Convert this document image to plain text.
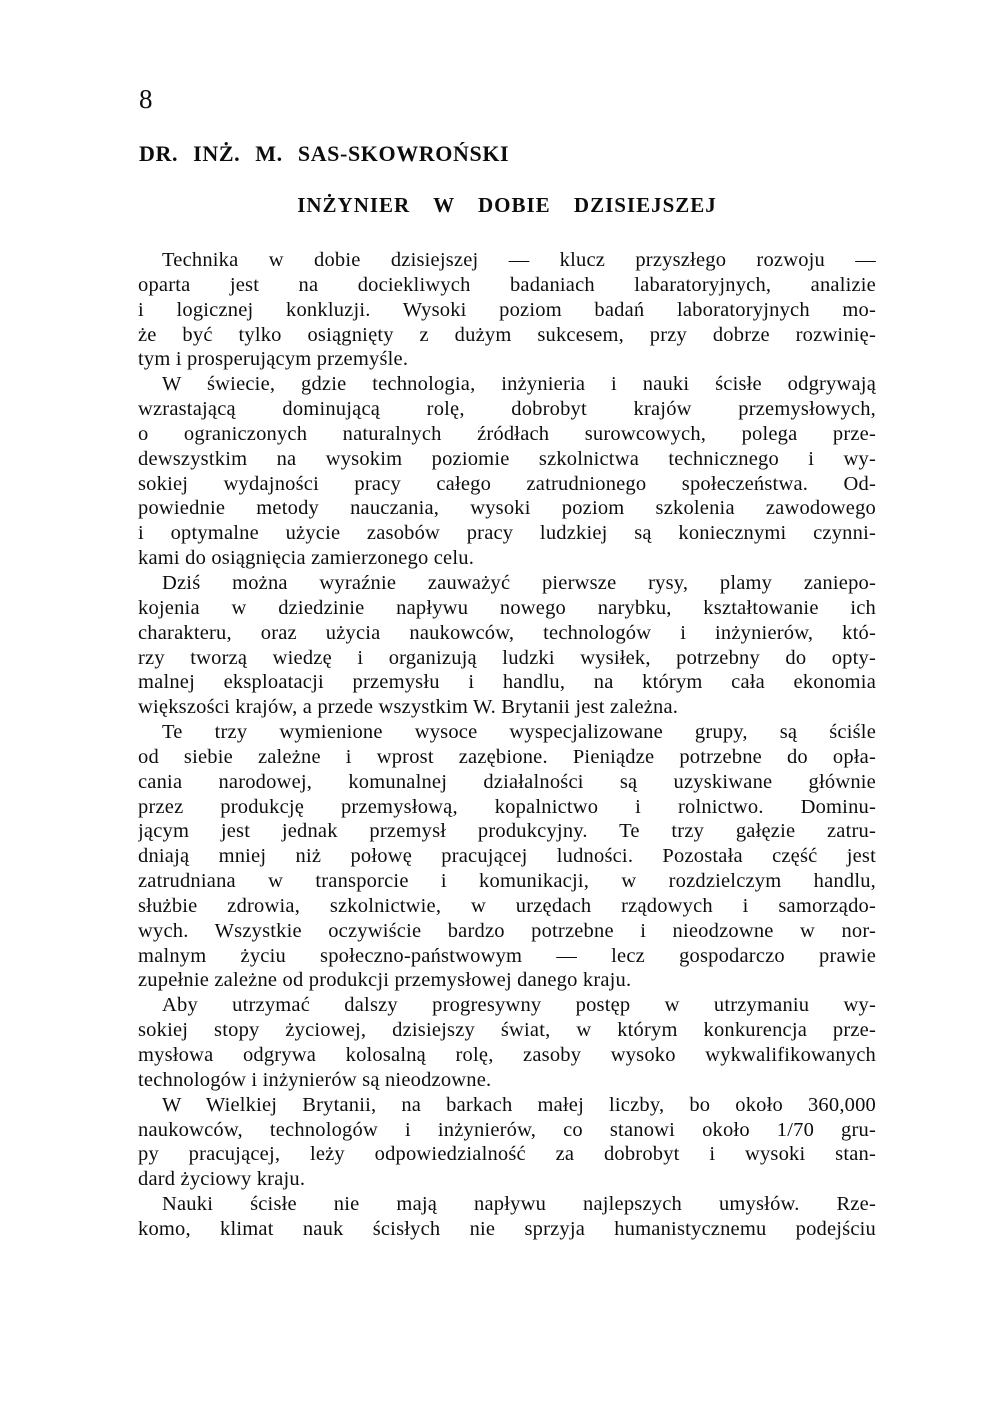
8
DR. INŻ. M. SAS-SKOWROŃSKI
INŻYNIER W DOBIE DZISIEJSZEJ
Technika w dobie dzisiejszej — klucz przyszłego rozwoju —
oparta jest na dociekliwych badaniach labaratoryjnych, analizie
i logicznej konkluzji. Wysoki poziom badań laboratoryjnych mo-
że być tylko osiągnięty z dużym sukcesem, przy dobrze rozwinię-
tym i prosperującym przemyśle.
W świecie, gdzie technologia, inżynieria i nauki ścisłe odgrywają
wzrastającą dominującą rolę, dobrobyt krajów przemysłowych,
o ograniczonych naturalnych źródłach surowcowych, polega prze-
dewszystkim na wysokim poziomie szkolnictwa technicznego i wy-
sokiej wydajności pracy całego zatrudnionego społeczeństwa. Od-
powiednie metody nauczania, wysoki poziom szkolenia zawodowego
i optymalne użycie zasobów pracy ludzkiej są koniecznymi czynni-
kami do osiągnięcia zamierzonego celu.
Dziś można wyraźnie zauważyć pierwsze rysy, plamy zaniepo-
kojenia w dziedzinie napływu nowego narybku, kształtowanie ich
charakteru, oraz użycia naukowców, technologów i inżynierów, któ-
rzy tworzą wiedzę i organizują ludzki wysiłek, potrzebny do opty-
malnej eksploatacji przemysłu i handlu, na którym cała ekonomia
większości krajów, a przede wszystkim W. Brytanii jest zależna.
Te trzy wymienione wysoce wyspecjalizowane grupy, są ściśle
od siebie zależne i wprost zazębione. Pieniądze potrzebne do opła-
cania narodowej, komunalnej działalności są uzyskiwane głównie
przez produkcję przemysłową, kopalnictwo i rolnictwo. Dominu-
jącym jest jednak przemysł produkcyjny. Te trzy gałęzie zatru-
dniają mniej niż połowę pracującej ludności. Pozostała część jest
zatrudniana w transporcie i komunikacji, w rozdzielczym handlu,
służbie zdrowia, szkolnictwie, w urzędach rządowych i samorządo-
wych. Wszystkie oczywiście bardzo potrzebne i nieodzowne w nor-
malnym życiu społeczno-państwowym — lecz gospodarczo prawie
zupełnie zależne od produkcji przemysłowej danego kraju.
Aby utrzymać dalszy progresywny postęp w utrzymaniu wy-
sokiej stopy życiowej, dzisiejszy świat, w którym konkurencja prze-
mysłowa odgrywa kolosalną rolę, zasoby wysoko wykwalifikowanych
technologów i inżynierów są nieodzowne.
W Wielkiej Brytanii, na barkach małej liczby, bo około 360,000
naukowców, technologów i inżynierów, co stanowi około 1/70 gru-
py pracującej, leży odpowiedzialność za dobrobyt i wysoki stan-
dard życiowy kraju.
Nauki ścisłe nie mają napływu najlepszych umysłów. Rze-
komo, klimat nauk ścisłych nie sprzyja humanistycznemu podejściu
